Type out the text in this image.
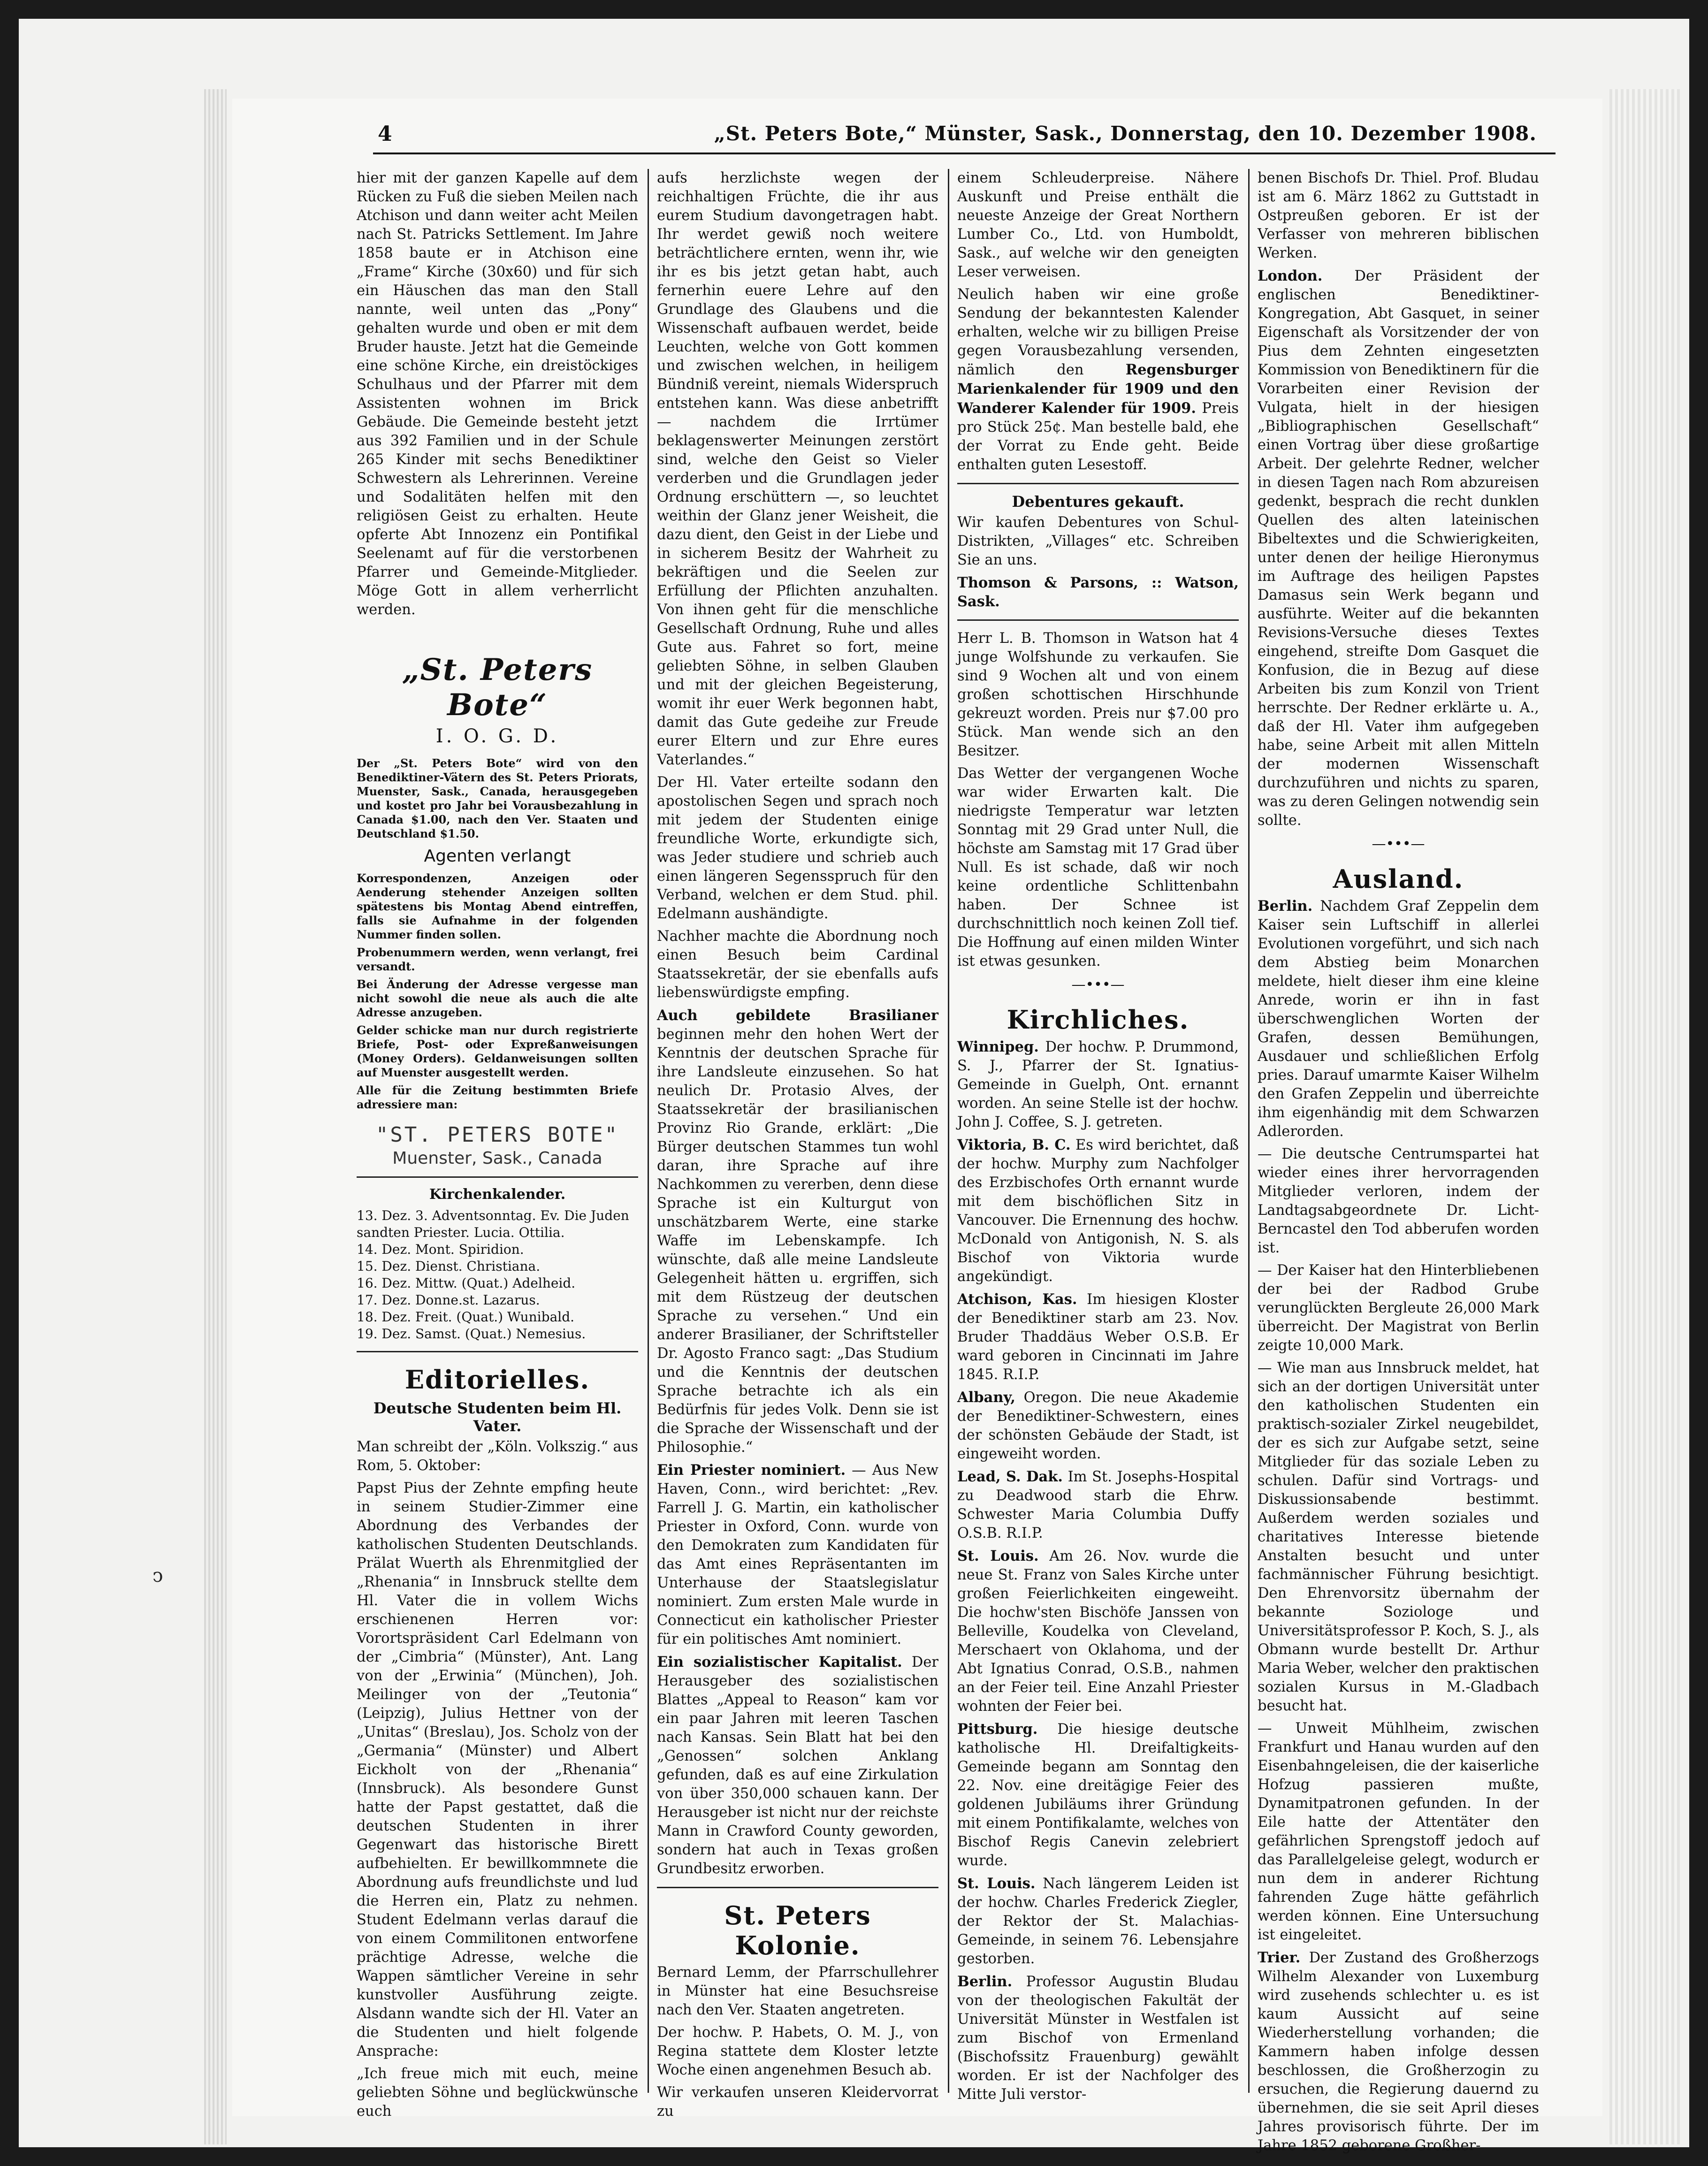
4	„St. Peters Bote,“ Münster, Sask., Donnerstag, den 10. Dezember 1908.

hier mit der ganzen Kapelle auf dem Rücken zu Fuß die sieben Meilen nach Atchison und dann weiter acht Meilen nach St. Patricks Settlement. Im Jahre 1858 baute er in Atchison eine „Frame“ Kirche (30x60) und für sich ein Häuschen das man den Stall nannte, weil unten das „Pony“ gehalten wurde und oben er mit dem Bruder hauste. Jetzt hat die Gemeinde eine schöne Kirche, ein dreistöckiges Schulhaus und der Pfarrer mit dem Assistenten wohnen im Brick Gebäude. Die Gemeinde besteht jetzt aus 392 Familien und in der Schule 265 Kinder mit sechs Benediktiner Schwestern als Lehrerinnen. Vereine und Sodalitäten helfen mit den religiösen Geist zu erhalten. Heute opferte Abt Innozenz ein Pontifikal Seelenamt auf für die verstorbenen Pfarrer und Gemeinde-Mitglieder. Möge Gott in allem verherrlicht werden.

„St. Peters Bote“
I. O. G. D.

Der „St. Peters Bote“ wird von den Benediktiner-Vätern des St. Peters Priorats, Muenster, Sask., Canada, herausgegeben und kostet pro Jahr bei Vorausbezahlung in Canada $1.00, nach den Ver. Staaten und Deutschland $1.50.

Agenten verlangt

Korrespondenzen, Anzeigen oder Aenderung stehender Anzeigen sollten spätestens bis Montag Abend eintreffen, falls sie Aufnahme in der folgenden Nummer finden sollen.

Probenummern werden, wenn verlangt, frei versandt.

Bei Änderung der Adresse vergesse man nicht sowohl die neue als auch die alte Adresse anzugeben.

Gelder schicke man nur durch registrierte Briefe, Post- oder Expreßanweisungen (Money Orders). Geldanweisungen sollten auf Muenster ausgestellt werden.

Alle für die Zeitung bestimmten Briefe adressiere man:

"ST. PETERS BOTE"
Muenster, Sask., Canada
Kirchenkalender.

13. Dez. 3. Adventsonntag. Ev. Die Juden sandten Priester. Lucia. Ottilia.

14. Dez. Mont. Spiridion.

15. Dez. Dienst. Christiana.

16. Dez. Mittw. (Quat.) Adelheid.

17. Dez. Donne.st. Lazarus.

18. Dez. Freit. (Quat.) Wunibald.

19. Dez. Samst. (Quat.) Nemesius.

Editorielles.
Deutsche Studenten beim Hl. Vater.

Man schreibt der „Köln. Volkszig.“ aus Rom, 5. Oktober:

Papst Pius der Zehnte empfing heute in seinem Studier-Zimmer eine Abordnung des Verbandes der katholischen Studenten Deutschlands. Prälat Wuerth als Ehrenmitglied der „Rhenania“ in Innsbruck stellte dem Hl. Vater die in vollem Wichs erschienenen Herren vor: Vorortspräsident Carl Edelmann von der „Cimbria“ (Münster), Ant. Lang von der „Erwinia“ (München), Joh. Meilinger von der „Teutonia“ (Leipzig), Julius Hettner von der „Unitas“ (Breslau), Jos. Scholz von der „Germania“ (Münster) und Albert Eickholt von der „Rhenania“ (Innsbruck). Als besondere Gunst hatte der Papst gestattet, daß die deutschen Studenten in ihrer Gegenwart das historische Birett aufbehielten. Er bewillkommnete die Abordnung aufs freundlichste und lud die Herren ein, Platz zu nehmen. Student Edelmann verlas darauf die von einem Commilitonen entworfene prächtige Adresse, welche die Wappen sämtlicher Vereine in sehr kunstvoller Ausführung zeigte. Alsdann wandte sich der Hl. Vater an die Studenten und hielt folgende Ansprache:

„Ich freue mich mit euch, meine geliebten Söhne und beglückwünsche euch

aufs herzlichste wegen der reichhaltigen Früchte, die ihr aus eurem Studium davongetragen habt. Ihr werdet gewiß noch weitere beträchtlichere ernten, wenn ihr, wie ihr es bis jetzt getan habt, auch fernerhin euere Lehre auf den Grundlage des Glaubens und die Wissenschaft aufbauen werdet, beide Leuchten, welche von Gott kommen und zwischen welchen, in heiligem Bündniß vereint, niemals Widerspruch entstehen kann. Was diese anbetrifft — nachdem die Irrtümer beklagenswerter Meinungen zerstört sind, welche den Geist so Vieler verderben und die Grundlagen jeder Ordnung erschüttern —, so leuchtet weithin der Glanz jener Weisheit, die dazu dient, den Geist in der Liebe und in sicherem Besitz der Wahrheit zu bekräftigen und die Seelen zur Erfüllung der Pflichten anzuhalten. Von ihnen geht für die menschliche Gesellschaft Ordnung, Ruhe und alles Gute aus. Fahret so fort, meine geliebten Söhne, in selben Glauben und mit der gleichen Begeisterung, womit ihr euer Werk begonnen habt, damit das Gute gedeihe zur Freude eurer Eltern und zur Ehre eures Vaterlandes.“

Der Hl. Vater erteilte sodann den apostolischen Segen und sprach noch mit jedem der Studenten einige freundliche Worte, erkundigte sich, was Jeder studiere und schrieb auch einen längeren Segensspruch für den Verband, welchen er dem Stud. phil. Edelmann aushändigte.

Nachher machte die Abordnung noch einen Besuch beim Cardinal Staatssekretär, der sie ebenfalls aufs liebenswürdigste empfing.

Auch gebildete Brasilianer beginnen mehr den hohen Wert der Kenntnis der deutschen Sprache für ihre Landsleute einzusehen. So hat neulich Dr. Protasio Alves, der Staatssekretär der brasilianischen Provinz Rio Grande, erklärt: „Die Bürger deutschen Stammes tun wohl daran, ihre Sprache auf ihre Nachkommen zu vererben, denn diese Sprache ist ein Kulturgut von unschätzbarem Werte, eine starke Waffe im Lebenskampfe. Ich wünschte, daß alle meine Landsleute Gelegenheit hätten u. ergriffen, sich mit dem Rüstzeug der deutschen Sprache zu versehen.“ Und ein anderer Brasilianer, der Schriftsteller Dr. Agosto Franco sagt: „Das Studium und die Kenntnis der deutschen Sprache betrachte ich als ein Bedürfnis für jedes Volk. Denn sie ist die Sprache der Wissenschaft und der Philosophie.“

Ein Priester nominiert. — Aus New Haven, Conn., wird berichtet: „Rev. Farrell J. G. Martin, ein katholischer Priester in Oxford, Conn. wurde von den Demokraten zum Kandidaten für das Amt eines Repräsentanten im Unterhause der Staatslegislatur nominiert. Zum ersten Male wurde in Connecticut ein katholischer Priester für ein politisches Amt nominiert.

Ein sozialistischer Kapitalist. Der Herausgeber des sozialistischen Blattes „Appeal to Reason“ kam vor ein paar Jahren mit leeren Taschen nach Kansas. Sein Blatt hat bei den „Genossen“ solchen Anklang gefunden, daß es auf eine Zirkulation von über 350,000 schauen kann. Der Herausgeber ist nicht nur der reichste Mann in Crawford County geworden, sondern hat auch in Texas großen Grundbesitz erworben.

St. Peters Kolonie.

Bernard Lemm, der Pfarrschullehrer in Münster hat eine Besuchsreise nach den Ver. Staaten angetreten.

Der hochw. P. Habets, O. M. J., von Regina stattete dem Kloster letzte Woche einen angenehmen Besuch ab.

Wir verkaufen unseren Kleidervorrat zu

einem Schleuderpreise. Nähere Auskunft und Preise enthält die neueste Anzeige der Great Northern Lumber Co., Ltd. von Humboldt, Sask., auf welche wir den geneigten Leser verweisen.

Neulich haben wir eine große Sendung der bekanntesten Kalender erhalten, welche wir zu billigen Preise gegen Vorausbezahlung versenden, nämlich den	Regensburger Marienkalender für 1909 und den Wanderer Kalender für 1909. Preis pro Stück 25¢. Man bestelle bald, ehe der Vorrat zu Ende geht. Beide enthalten guten Lesestoff.

Debentures gekauft.

Wir kaufen Debentures von Schul-Distrikten, „Villages“ etc. Schreiben Sie an uns.

Thomson & Parsons, :: Watson, Sask.

Herr L. B. Thomson in Watson hat 4 junge Wolfshunde zu verkaufen. Sie sind 9 Wochen alt und von einem großen schottischen Hirschhunde gekreuzt worden. Preis nur $7.00 pro Stück. Man wende sich an den Besitzer.

Das Wetter der vergangenen Woche war wider Erwarten kalt. Die niedrigste Temperatur war letzten Sonntag mit 29 Grad unter Null, die höchste am Samstag mit 17 Grad über Null. Es ist schade, daß wir noch keine ordentliche Schlittenbahn haben. Der Schnee ist durchschnittlich noch keinen Zoll tief. Die Hoffnung auf einen milden Winter ist etwas gesunken.

—•••—
Kirchliches.

Winnipeg. Der hochw. P. Drummond, S. J., Pfarrer der St. Ignatius-Gemeinde in Guelph, Ont. ernannt worden. An seine Stelle ist der hochw. John J. Coffee, S. J. getreten.

Viktoria, B. C. Es wird berichtet, daß der hochw. Murphy zum Nachfolger des Erzbischofes Orth ernannt wurde mit dem bischöflichen Sitz in Vancouver. Die Ernennung des hochw. McDonald von Antigonish, N. S. als Bischof von Viktoria wurde angekündigt.

Atchison, Kas. Im hiesigen Kloster der Benediktiner starb am 23. Nov. Bruder Thaddäus Weber O.S.B. Er ward geboren in Cincinnati im Jahre 1845. R.I.P.

Albany, Oregon. Die neue Akademie der Benediktiner-Schwestern, eines der schönsten Gebäude der Stadt, ist eingeweiht worden.

Lead, S. Dak. Im St. Josephs-Hospital zu Deadwood starb die Ehrw. Schwester Maria Columbia Duffy O.S.B. R.I.P.

St. Louis. Am 26. Nov. wurde die neue St. Franz von Sales Kirche unter großen Feierlichkeiten eingeweiht. Die hochw'sten Bischöfe Janssen von Belleville, Koudelka von Cleveland, Merschaert von Oklahoma, und der Abt Ignatius Conrad, O.S.B., nahmen an der Feier teil. Eine Anzahl Priester wohnten der Feier bei.

Pittsburg. Die hiesige deutsche katholische Hl. Dreifaltigkeits-Gemeinde begann am Sonntag den 22. Nov. eine dreitägige Feier des goldenen Jubiläums ihrer Gründung mit einem Pontifikalamte, welches von Bischof Regis Canevin zelebriert wurde.

St. Louis. Nach längerem Leiden ist der hochw. Charles Frederick Ziegler, der Rektor der St. Malachias-Gemeinde, in seinem 76. Lebensjahre gestorben.

Berlin. Professor Augustin Bludau von der theologischen Fakultät der Universität Münster in Westfalen ist zum Bischof von Ermenland (Bischofssitz Frauenburg) gewählt worden. Er ist der Nachfolger des Mitte Juli verstor-

benen Bischofs Dr. Thiel. Prof. Bludau ist am 6. März 1862 zu Guttstadt in Ostpreußen geboren. Er ist der Verfasser von mehreren biblischen Werken.

London. Der Präsident der englischen Benediktiner-Kongregation, Abt Gasquet, in seiner Eigenschaft als Vorsitzender der von Pius dem Zehnten eingesetzten Kommission von Benediktinern für die Vorarbeiten einer Revision der Vulgata, hielt in der hiesigen „Bibliographischen Gesellschaft“ einen Vortrag über diese großartige Arbeit. Der gelehrte Redner, welcher in diesen Tagen nach Rom abzureisen gedenkt, besprach die recht dunklen Quellen des alten lateinischen Bibeltextes und die Schwierigkeiten, unter denen der heilige Hieronymus im Auftrage des heiligen Papstes Damasus sein Werk begann und ausführte. Weiter auf die bekannten Revisions-Versuche dieses Textes eingehend, streifte Dom Gasquet die Konfusion, die in Bezug auf diese Arbeiten bis zum Konzil von Trient herrschte. Der Redner erklärte u. A., daß der Hl. Vater ihm aufgegeben habe, seine Arbeit mit allen Mitteln der modernen Wissenschaft durchzuführen und nichts zu sparen, was zu deren Gelingen notwendig sein sollte.

—•••—
Ausland.

Berlin. Nachdem Graf Zeppelin dem Kaiser sein Luftschiff in allerlei Evolutionen vorgeführt, und sich nach dem Abstieg beim Monarchen meldete, hielt dieser ihm eine kleine Anrede, worin er ihn in fast überschwenglichen Worten der Grafen, dessen Bemühungen, Ausdauer und schließlichen Erfolg pries. Darauf umarmte Kaiser Wilhelm den Grafen Zeppelin und überreichte ihm eigenhändig mit dem Schwarzen Adlerorden.

— Die deutsche Centrumspartei hat wieder eines ihrer hervorragenden Mitglieder verloren, indem der Landtagsabgeordnete Dr. Licht-Berncastel den Tod abberufen worden ist.

— Der Kaiser hat den Hinterbliebenen der bei der Radbod Grube verunglückten Bergleute 26,000 Mark überreicht. Der Magistrat von Berlin zeigte 10,000 Mark.

— Wie man aus Innsbruck meldet, hat sich an der dortigen Universität unter den katholischen Studenten ein praktisch-sozialer Zirkel neugebildet, der es sich zur Aufgabe setzt, seine Mitglieder für das soziale Leben zu schulen. Dafür sind Vortrags- und Diskussionsabende bestimmt. Außerdem werden soziales und charitatives Interesse bietende Anstalten besucht und unter fachmännischer Führung besichtigt. Den Ehrenvorsitz übernahm der bekannte Soziologe und Universitätsprofessor P. Koch, S. J., als Obmann wurde bestellt Dr. Arthur Maria Weber, welcher den praktischen sozialen Kursus in M.-Gladbach besucht hat.

— Unweit Mühlheim, zwischen Frankfurt und Hanau wurden auf den Eisenbahngeleisen, die der kaiserliche Hofzug passieren mußte, Dynamitpatronen gefunden. In der Eile hatte der Attentäter den gefährlichen Sprengstoff jedoch auf das Parallelgeleise gelegt, wodurch er nun dem in anderer Richtung fahrenden Zuge hätte gefährlich werden können. Eine Untersuchung ist eingeleitet.

Trier. Der Zustand des Großherzogs Wilhelm Alexander von Luxemburg wird zusehends schlechter u. es ist kaum Aussicht auf seine Wiederherstellung vorhanden; die Kammern haben infolge dessen beschlossen, die Großherzogin zu ersuchen, die Regierung dauernd zu übernehmen, die sie seit April dieses Jahres provisorisch führte. Der im Jahre 1852 geborene Großher-

ↄ
